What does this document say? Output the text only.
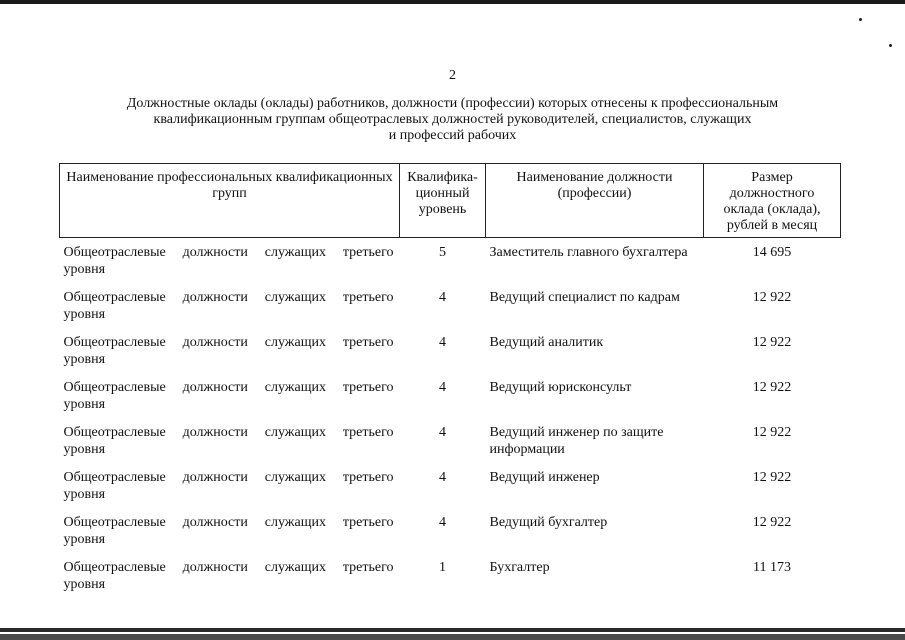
2
Должностные оклады (оклады) работников, должности (профессии) которых отнесены к профессиональным
квалификационным группам общеотраслевых должностей руководителей, специалистов, служащих
и профессий рабочих
Наименование профессиональных квалификационных групп	Квалифика-ционный уровень	Наименование должности (профессии)	Размер должностного оклада (оклада), рублей в месяц
Общеотраслевые должности служащих третьего уровня	5	Заместитель главного бухгалтера	14 695
Общеотраслевые должности служащих третьего уровня	4	Ведущий специалист по кадрам	12 922
Общеотраслевые должности служащих третьего уровня	4	Ведущий аналитик	12 922
Общеотраслевые должности служащих третьего уровня	4	Ведущий юрисконсульт	12 922
Общеотраслевые должности служащих третьего уровня	4	Ведущий инженер по защите информации	12 922
Общеотраслевые должности служащих третьего уровня	4	Ведущий инженер	12 922
Общеотраслевые должности служащих третьего уровня	4	Ведущий бухгалтер	12 922
Общеотраслевые должности служащих третьего уровня	1	Бухгалтер	11 173
